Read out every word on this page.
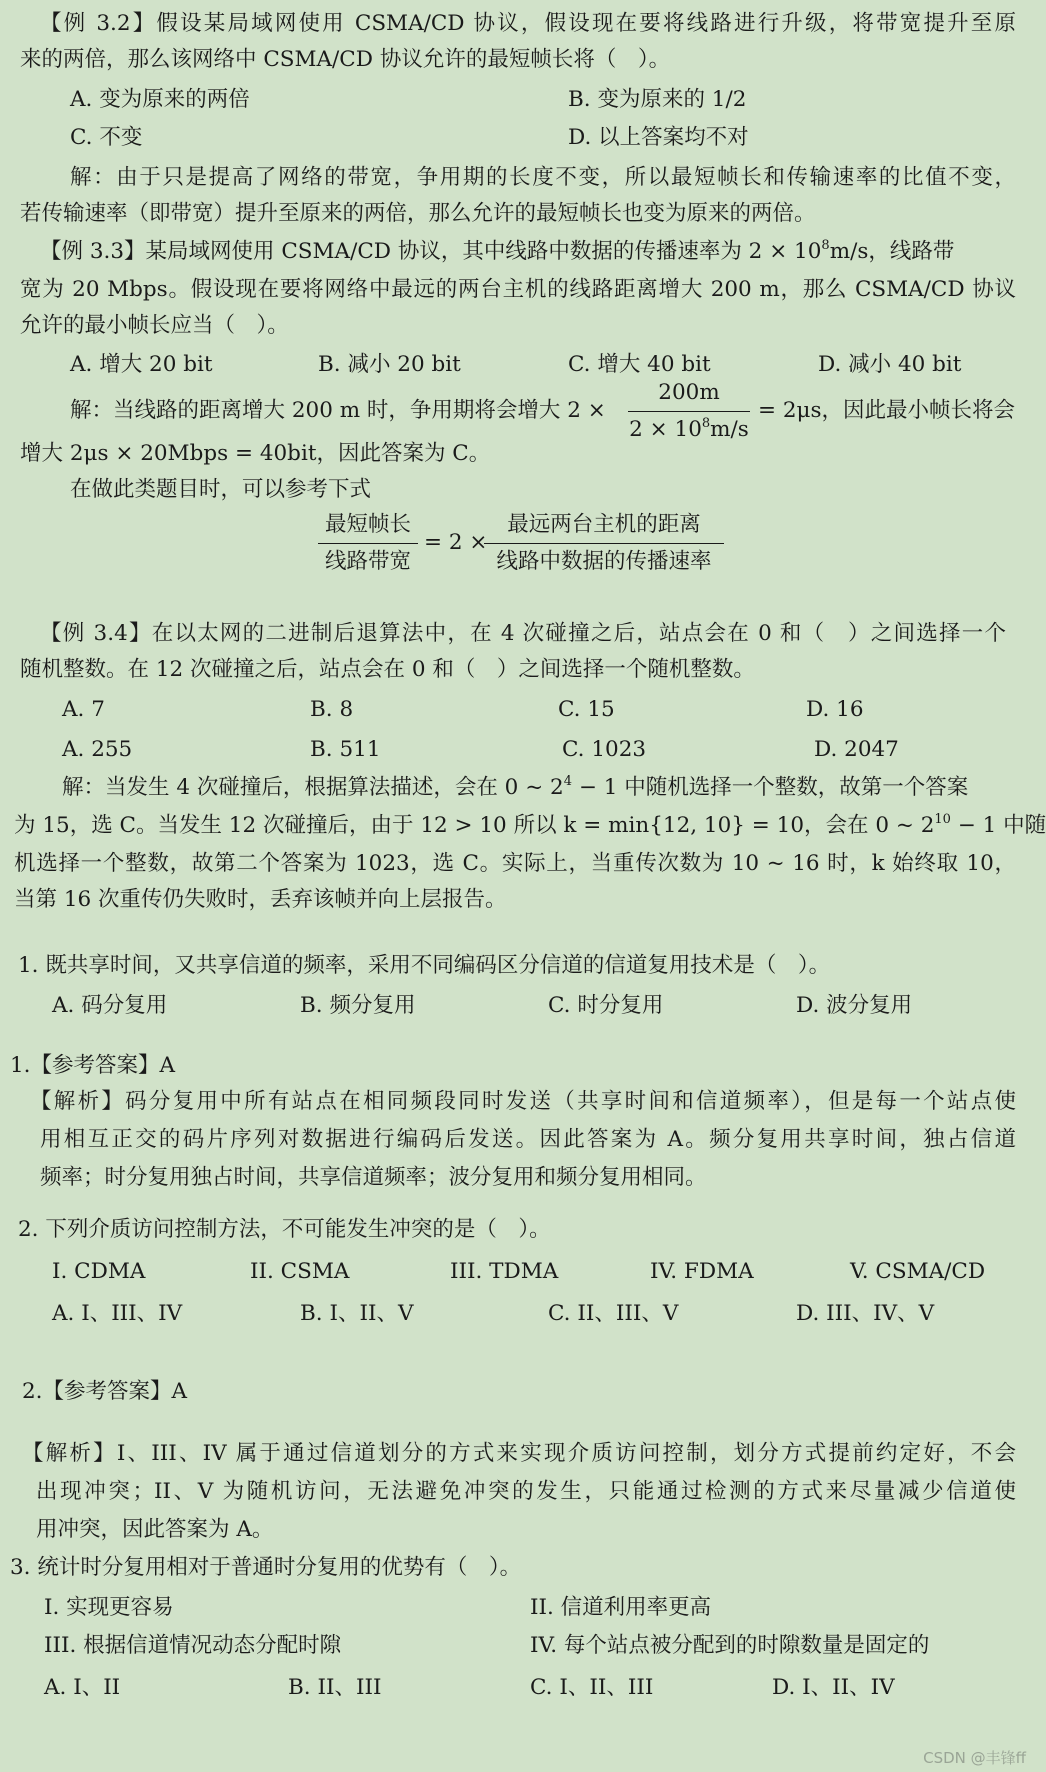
【例 3.2】假设某局域网使用 CSMA/CD 协议，假设现在要将线路进行升级，将带宽提升至原
来的两倍，那么该网络中 CSMA/CD 协议允许的最短帧长将（　）。
A. 变为原来的两倍	B. 变为原来的 1/2
C. 不变	D. 以上答案均不对
解：由于只是提高了网络的带宽，争用期的长度不变，所以最短帧长和传输速率的比值不变，
若传输速率（即带宽）提升至原来的两倍，那么允许的最短帧长也变为原来的两倍。
【例 3.3】某局域网使用 CSMA/CD 协议，其中线路中数据的传播速率为 $2 \times 10^8m/s$，线路带
宽为 20 Mbps。假设现在要将网络中最远的两台主机的线路距离增大 200 m，那么 CSMA/CD 协议
允许的最小帧长应当（　）。
A. 增大 20 bit	B. 减小 20 bit	C. 增大 40 bit	D. 减小 40 bit
解：当线路的距离增大 200 m 时，争用期将会增大 2 ×
200m
$2 \times 10^8m/s$
= 2μs，因此最小帧长将会
增大 2μs × 20Mbps = 40bit，因此答案为 C。
在做此类题目时，可以参考下式
最短帧长
线路带宽
= 2 ×
最远两台主机的距离
线路中数据的传播速率
【例 3.4】在以太网的二进制后退算法中，在 4 次碰撞之后，站点会在 0 和（　）之间选择一个
随机整数。在 12 次碰撞之后，站点会在 0 和（　）之间选择一个随机整数。
A. 7	B. 8	C. 15	D. 16
A. 255	B. 511	C. 1023	D. 2047
解：当发生 4 次碰撞后，根据算法描述，会在 0 ~ $2^4 - 1$ 中随机选择一个整数，故第一个答案
为 15，选 C。当发生 12 次碰撞后，由于 12 > 10 所以 k = min{12, 10} = 10，会在 0 ~ $2^{10} - 1$ 中随
机选择一个整数，故第二个答案为 1023，选 C。实际上，当重传次数为 10 ~ 16 时，k 始终取 10，
当第 16 次重传仍失败时，丢弃该帧并向上层报告。
1. 既共享时间，又共享信道的频率，采用不同编码区分信道的信道复用技术是（　）。
A. 码分复用	B. 频分复用	C. 时分复用	D. 波分复用
1.【参考答案】A
【解析】码分复用中所有站点在相同频段同时发送（共享时间和信道频率），但是每一个站点使
用相互正交的码片序列对数据进行编码后发送。因此答案为 A。频分复用共享时间，独占信道
频率；时分复用独占时间，共享信道频率；波分复用和频分复用相同。
2. 下列介质访问控制方法，不可能发生冲突的是（　）。
I. CDMA	II. CSMA	III. TDMA	IV. FDMA	V. CSMA/CD
A. I、III、IV	B. I、II、V	C. II、III、V	D. III、IV、V
2.【参考答案】A
【解析】I、III、IV 属于通过信道划分的方式来实现介质访问控制，划分方式提前约定好，不会
出现冲突；II、V 为随机访问，无法避免冲突的发生，只能通过检测的方式来尽量减少信道使
用冲突，因此答案为 A。
3. 统计时分复用相对于普通时分复用的优势有（　）。
I. 实现更容易	II. 信道利用率更高
III. 根据信道情况动态分配时隙	IV. 每个站点被分配到的时隙数量是固定的
A. I、II	B. II、III	C. I、II、III	D. I、II、IV
CSDN @丰锋ff
